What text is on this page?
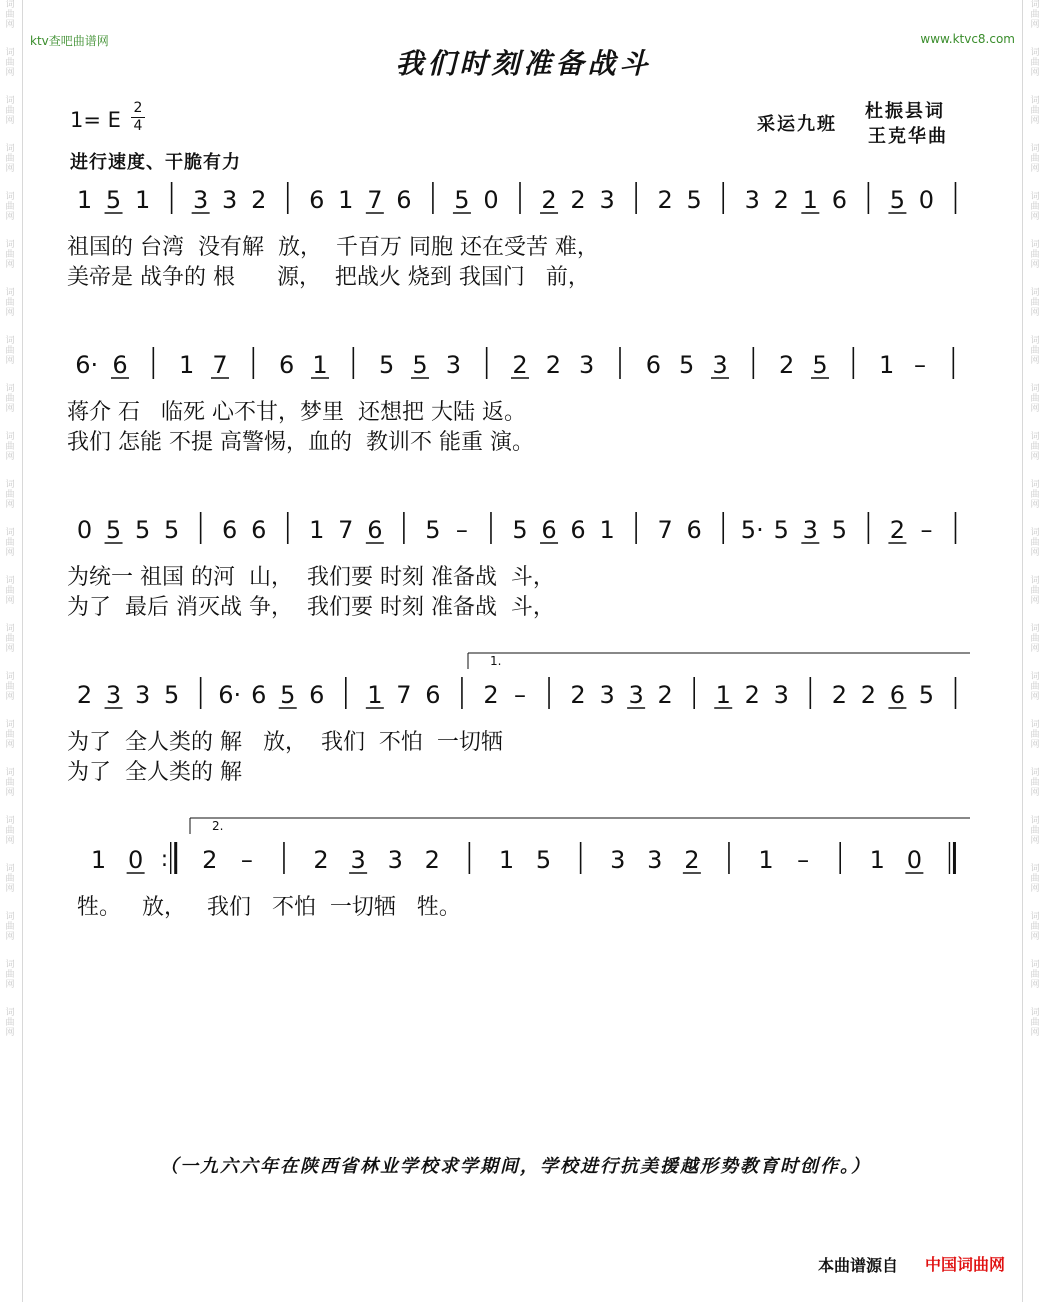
词曲网
词曲网
词曲网
词曲网
词曲网
词曲网
词曲网
词曲网
词曲网
词曲网
词曲网
词曲网
词曲网
词曲网
词曲网
词曲网
词曲网
词曲网
词曲网
词曲网
词曲网
词曲网
词曲网
词曲网
词曲网
词曲网
词曲网
词曲网
词曲网
词曲网
词曲网
词曲网
词曲网
词曲网
词曲网
词曲网
词曲网
词曲网
词曲网
词曲网
词曲网
词曲网
词曲网
词曲网
ktv查吧曲谱网	www.ktvc8.com
我们时刻准备战斗
1= E 2
4
进行速度、干脆有力
采运九班
杜振县词
王克华曲
1 5 1 3 3 2 6 1 7 6 5 0 2 2 3 2 5 3 2 1 6 5 0
祖国的 台湾  没有解  放，  千百万 同胞 还在受苦 难，
美帝是 战争的 根      源，  把战火 烧到 我国门   前，
6· 6 1 7 6 1 5 5 3 2 2 3 6 5 3 2 5 1 –
蒋介 石   临死 心不甘，梦里  还想把 大陆 返。
我们 怎能 不提 高警惕，血的  教训不 能重 演。
0 5 5 5 6 6 1 7 6 5 – 5 6 6 1 7 6 5· 5 3 5 2 –
为统一 祖国 的河  山，  我们要 时刻 准备战  斗，
为了  最后 消灭战 争，  我们要 时刻 准备战  斗，
2 3 3 5 6· 6 5 6 1 7 6 2 – 2 3 3 2 1 2 3 2 2 6 5
为了  全人类的 解   放，  我们  不怕  一切牺
为了  全人类的 解
1.
1 0 : 2 –	2 3 3 2 1 5 3 3 2 1 –	1 0
牲。   放，   我们   不怕  一切牺   牲。
2.
（一九六六年在陕西省林业学校求学期间，学校进行抗美援越形势教育时创作。）
本曲谱源自 中国词曲网
